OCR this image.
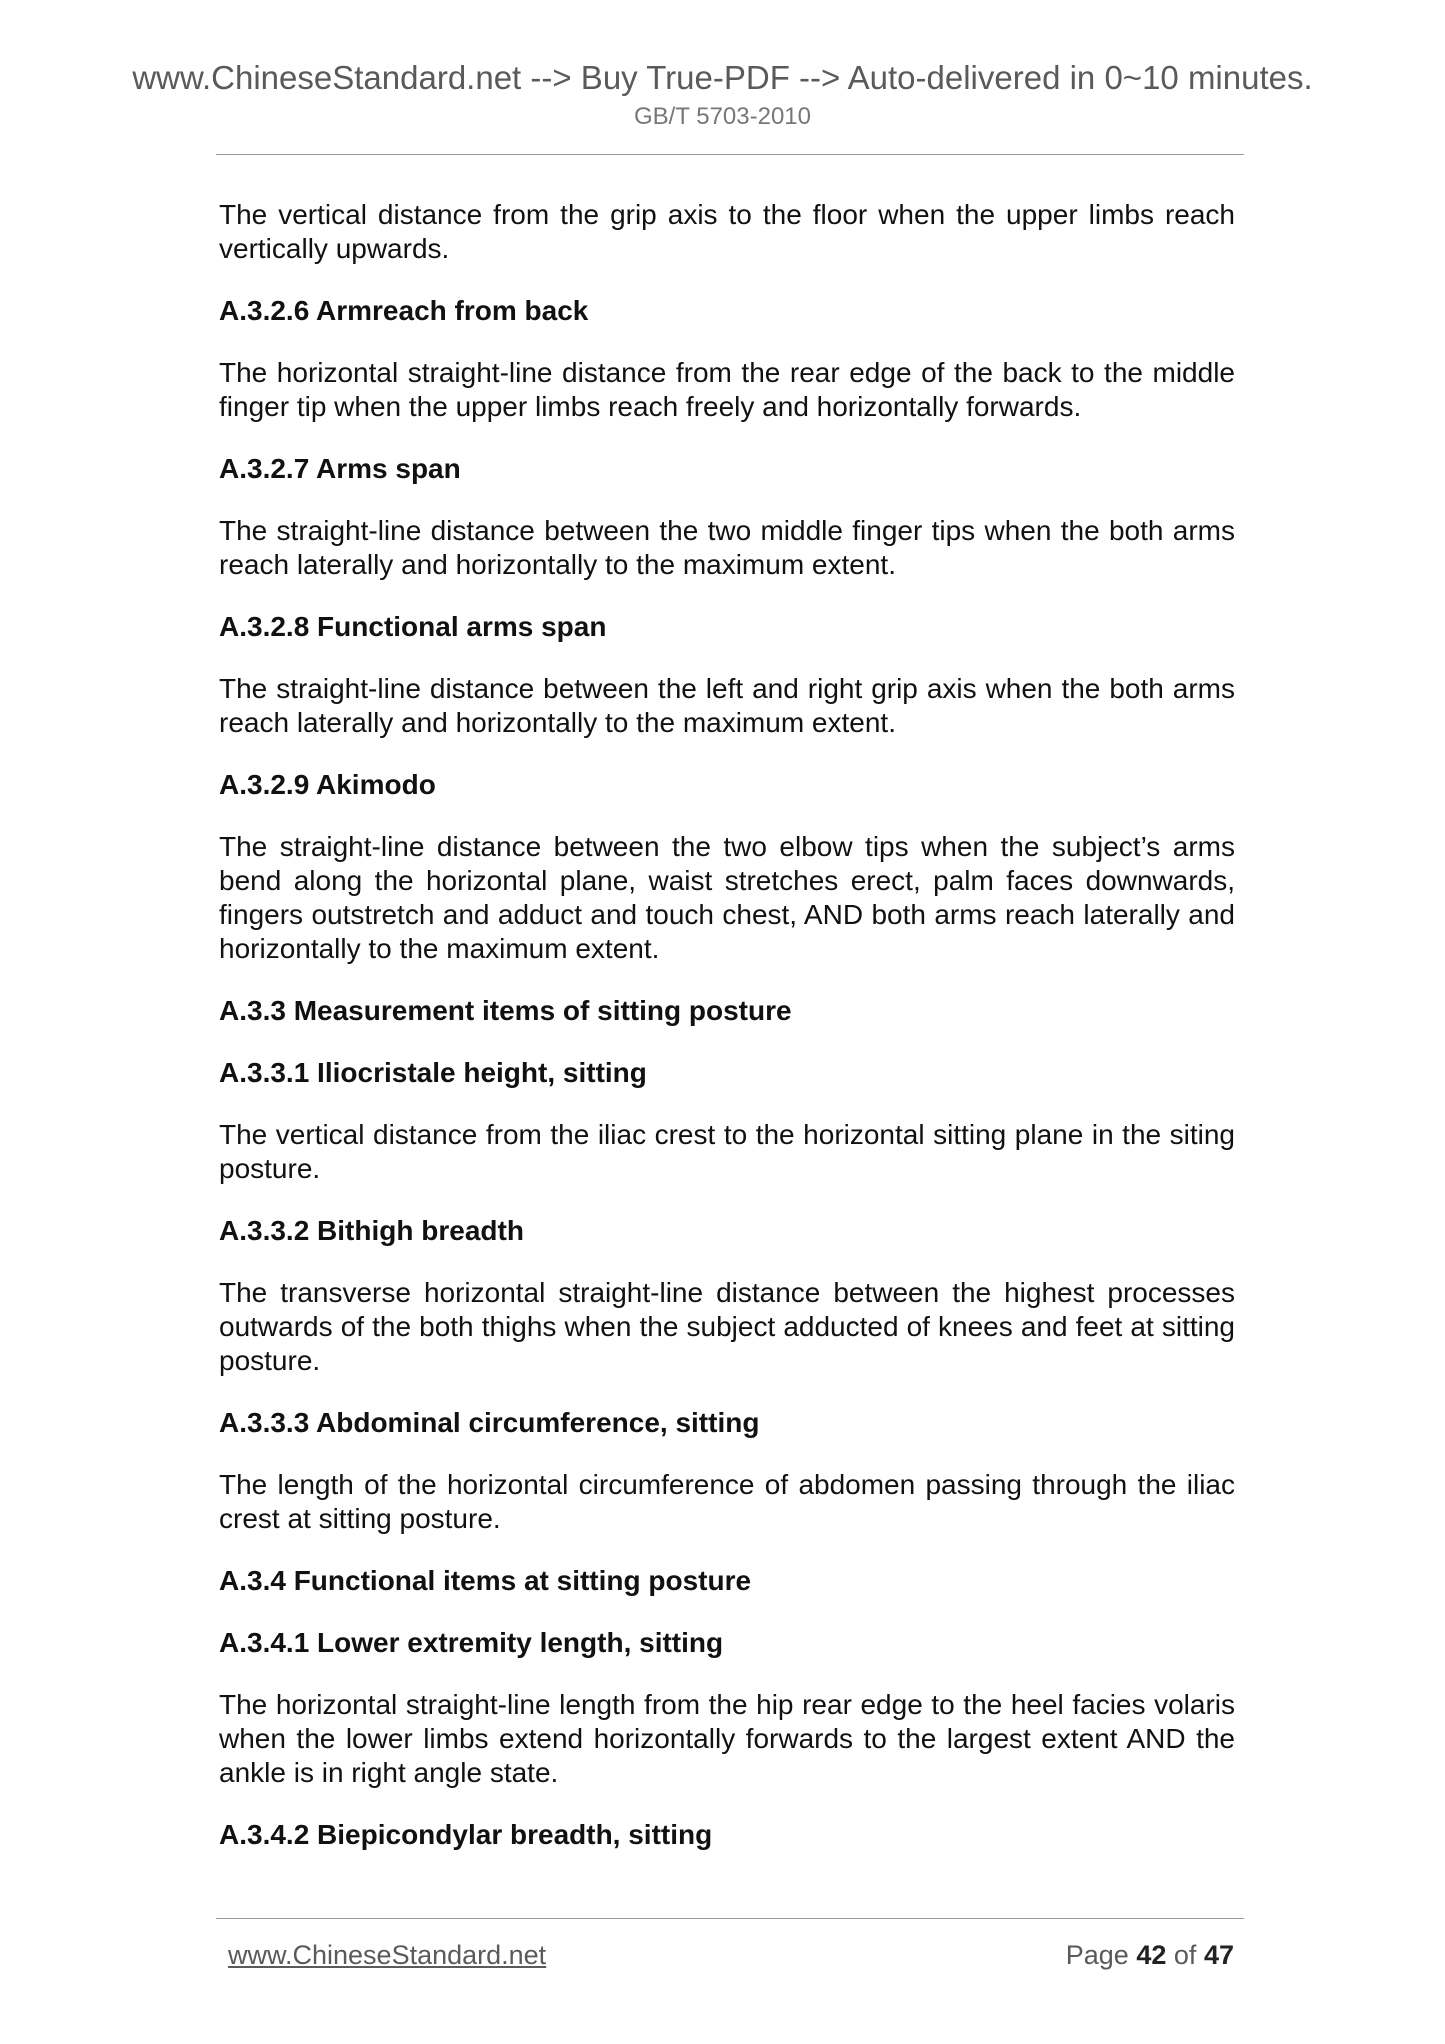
www.ChineseStandard.net --> Buy True-PDF --> Auto-delivered in 0~10 minutes.
GB/T 5703-2010

The vertical distance from the grip axis to the floor when the upper limbs reach vertically upwards.

A.3.2.6 Armreach from back

The horizontal straight-line distance from the rear edge of the back to the middle finger tip when the upper limbs reach freely and horizontally forwards.

A.3.2.7 Arms span

The straight-line distance between the two middle finger tips when the both arms reach laterally and horizontally to the maximum extent.

A.3.2.8 Functional arms span

The straight-line distance between the left and right grip axis when the both arms reach laterally and horizontally to the maximum extent.

A.3.2.9 Akimodo

The straight-line distance between the two elbow tips when the subject’s arms bend along the horizontal plane, waist stretches erect, palm faces downwards, fingers outstretch and adduct and touch chest, AND both arms reach laterally and horizontally to the maximum extent.

A.3.3 Measurement items of sitting posture
A.3.3.1 Iliocristale height, sitting

The vertical distance from the iliac crest to the horizontal sitting plane in the siting posture.

A.3.3.2 Bithigh breadth

The transverse horizontal straight-line distance between the highest processes outwards of the both thighs when the subject adducted of knees and feet at sitting posture.

A.3.3.3 Abdominal circumference, sitting

The length of the horizontal circumference of abdomen passing through the iliac crest at sitting posture.

A.3.4 Functional items at sitting posture
A.3.4.1 Lower extremity length, sitting

The horizontal straight-line length from the hip rear edge to the heel facies volaris when the lower limbs extend horizontally forwards to the largest extent AND the ankle is in right angle state.

A.3.4.2 Biepicondylar breadth, sitting
www.ChineseStandard.net	Page 42 of 47
